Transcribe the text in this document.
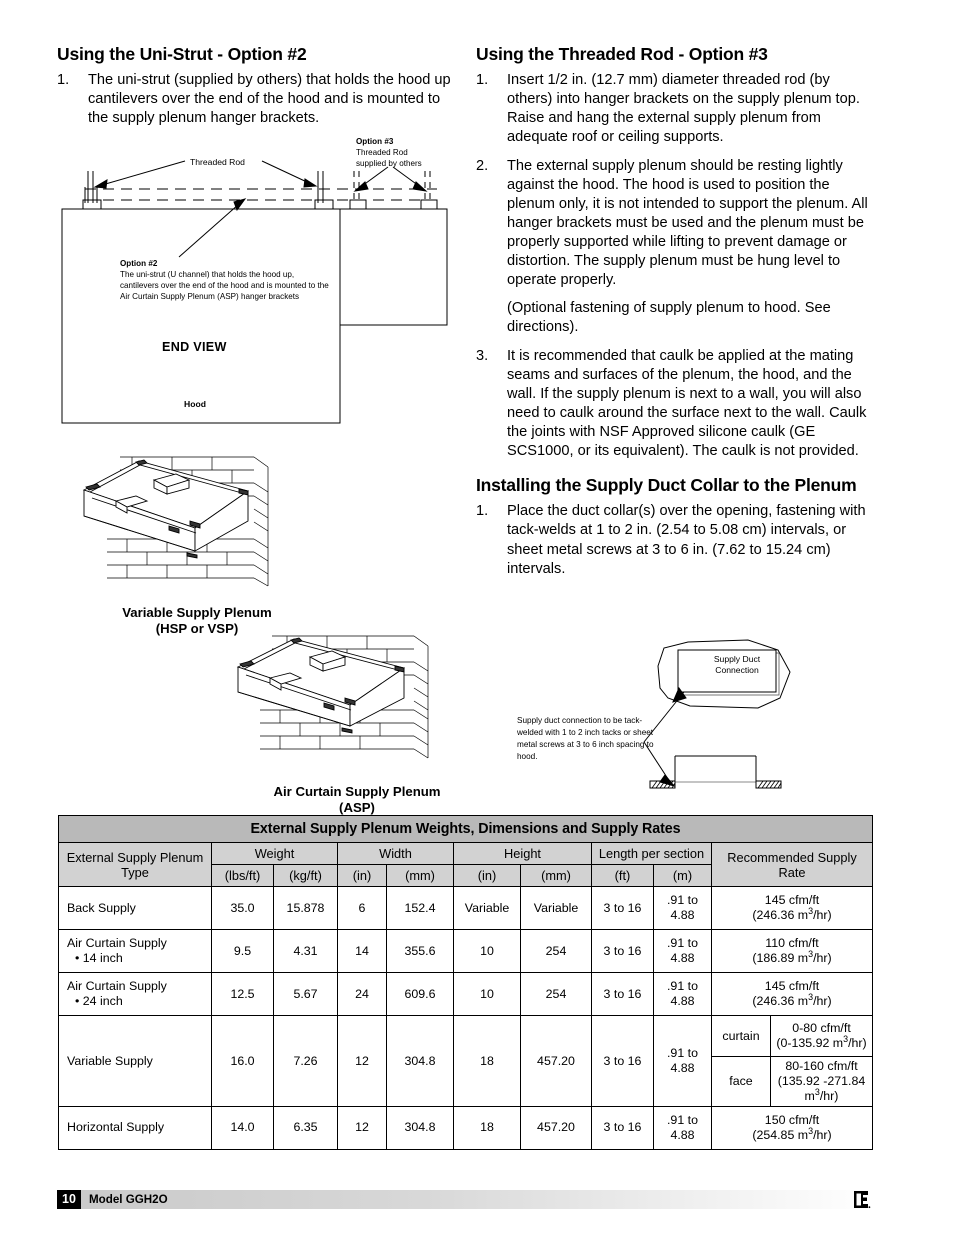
Using the Uni-Strut - Option #2
1.	The uni-strut (supplied by others) that holds the hood up cantilevers over the end of the hood and is mounted to the supply plenum hanger brackets.
Threaded Rod
Option #3
Threaded Rod
supplied by others
Option #2
The uni-strut (U channel) that holds the hood up, cantilevers over the end of the hood and is mounted to the Air Curtain Supply Plenum (ASP) hanger brackets
END VIEW
Hood
Variable Supply Plenum
(HSP or VSP)
Air Curtain Supply Plenum
(ASP)
Using the Threaded Rod - Option #3
1.	Insert 1/2 in. (12.7 mm) diameter threaded rod (by others) into hanger brackets on the supply plenum top. Raise and hang the external supply plenum from adequate roof or ceiling supports.
2.	The external supply plenum should be resting lightly against the hood. The hood is used to position the plenum only, it is not intended to support the plenum. All hanger brackets must be used and the plenum must be properly supported while lifting to prevent damage or distortion. The supply plenum must be hung level to operate properly.

(Optional fastening of supply plenum to hood. See directions).

3.	It is recommended that caulk be applied at the mating seams and surfaces of the plenum, the hood, and the wall. If the supply plenum is next to a wall, you will also need to caulk around the surface next to the wall. Caulk the joints with NSF Approved silicone caulk (GE SCS1000, or its equivalent). The caulk is not provided.
Installing the Supply Duct Collar to the Plenum
1.	Place the duct collar(s) over the opening, fastening with tack-welds at 1 to 2 in. (2.54 to 5.08 cm) intervals, or sheet metal screws at 3 to 6 in. (7.62 to 15.24 cm) intervals.
Supply Duct
Connection
Supply duct connection to be tack-welded with 1 to 2 inch tacks or sheet metal screws at 3 to 6 inch spacing to hood.
External Supply Plenum Weights, Dimensions and Supply Rates
External Supply Plenum Type	Weight	Width	Height	Length per section	Recommended Supply Rate
(lbs/ft)	(kg/ft)	(in)	(mm)	(in)	(mm)	(ft)	(m)
Back Supply	35.0	15.878	6	152.4	Variable	Variable	3 to 16	.91 to 4.88	145 cfm/ft
(246.36 $m^3/hr$)
Air Curtain Supply
• 14 inch
	9.5	4.31	14	355.6	10	254	3 to 16	.91 to 4.88	110 cfm/ft
(186.89 $m^3/hr$)
Air Curtain Supply
• 24 inch
	12.5	5.67	24	609.6	10	254	3 to 16	.91 to 4.88	145 cfm/ft
(246.36 $m^3/hr$)
Variable Supply	16.0	7.26	12	304.8	18	457.20	3 to 16	.91 to 4.88	
curtain	0-80 cfm/ft
(0-135.92 $m^3/hr$)

face	80-160 cfm/ft
(135.92 -271.84 $m^3/hr$)

Horizontal Supply	14.0	6.35	12	304.8	18	457.20	3 to 16	.91 to 4.88	150 cfm/ft
(254.85 $m^3/hr$)
10	Model GGH2O
